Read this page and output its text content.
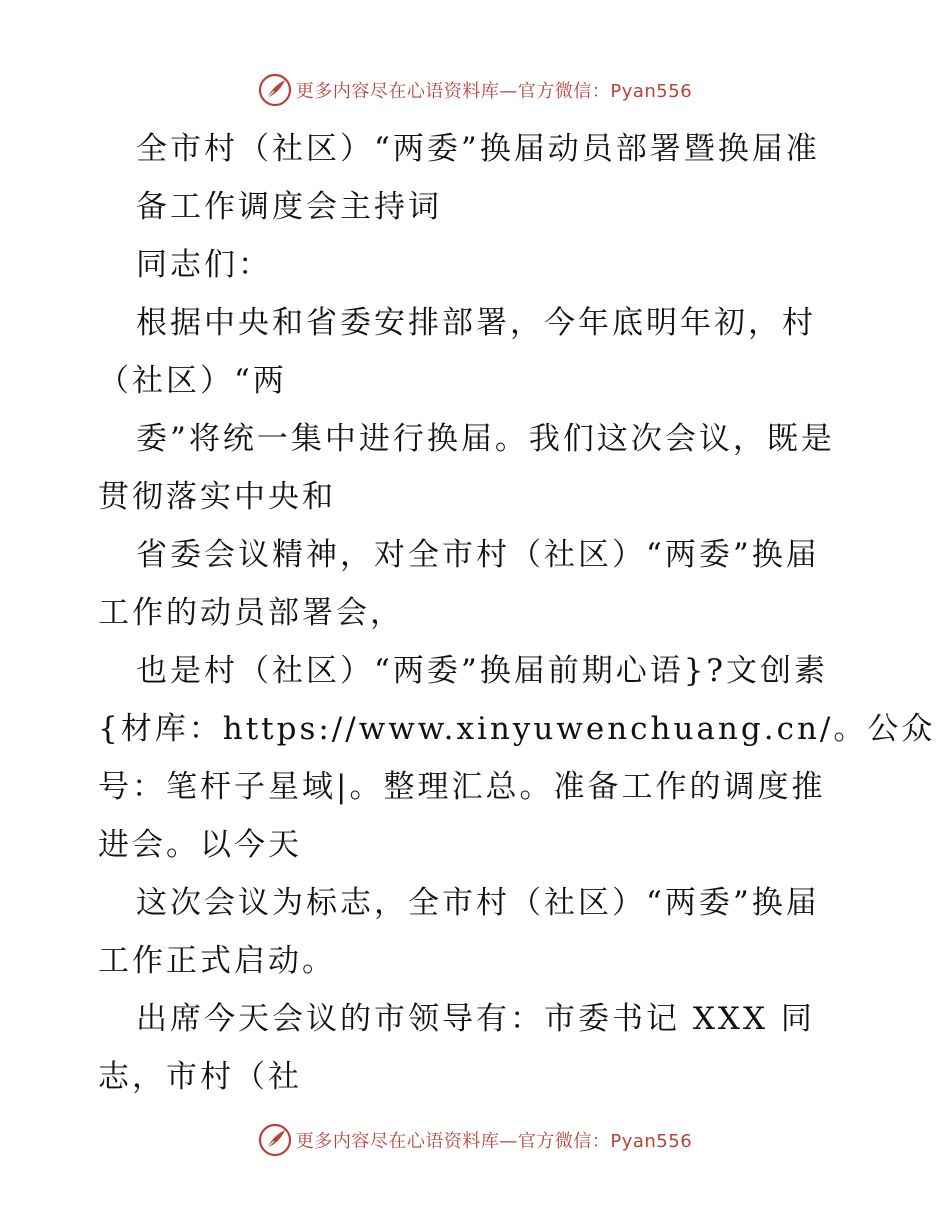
更多内容尽在心语资料库—官方微信：Pyan556
全市村（社区）“两委”换届动员部署暨换届准
备工作调度会主持词
同志们：
根据中央和省委安排部署，今年底明年初，村
（社区）“两
委”将统一集中进行换届。我们这次会议，既是
贯彻落实中央和
省委会议精神，对全市村（社区）“两委”换届
工作的动员部署会，
也是村（社区）“两委”换届前期心语}?文创素
{材库：https://www.xinyuwenchuang.cn/。公众
号：笔杆子星域|。整理汇总。准备工作的调度推
进会。以今天
这次会议为标志，全市村（社区）“两委”换届
工作正式启动。
出席今天会议的市领导有：市委书记 XXX 同
志，市村（社
更多内容尽在心语资料库—官方微信：Pyan556
